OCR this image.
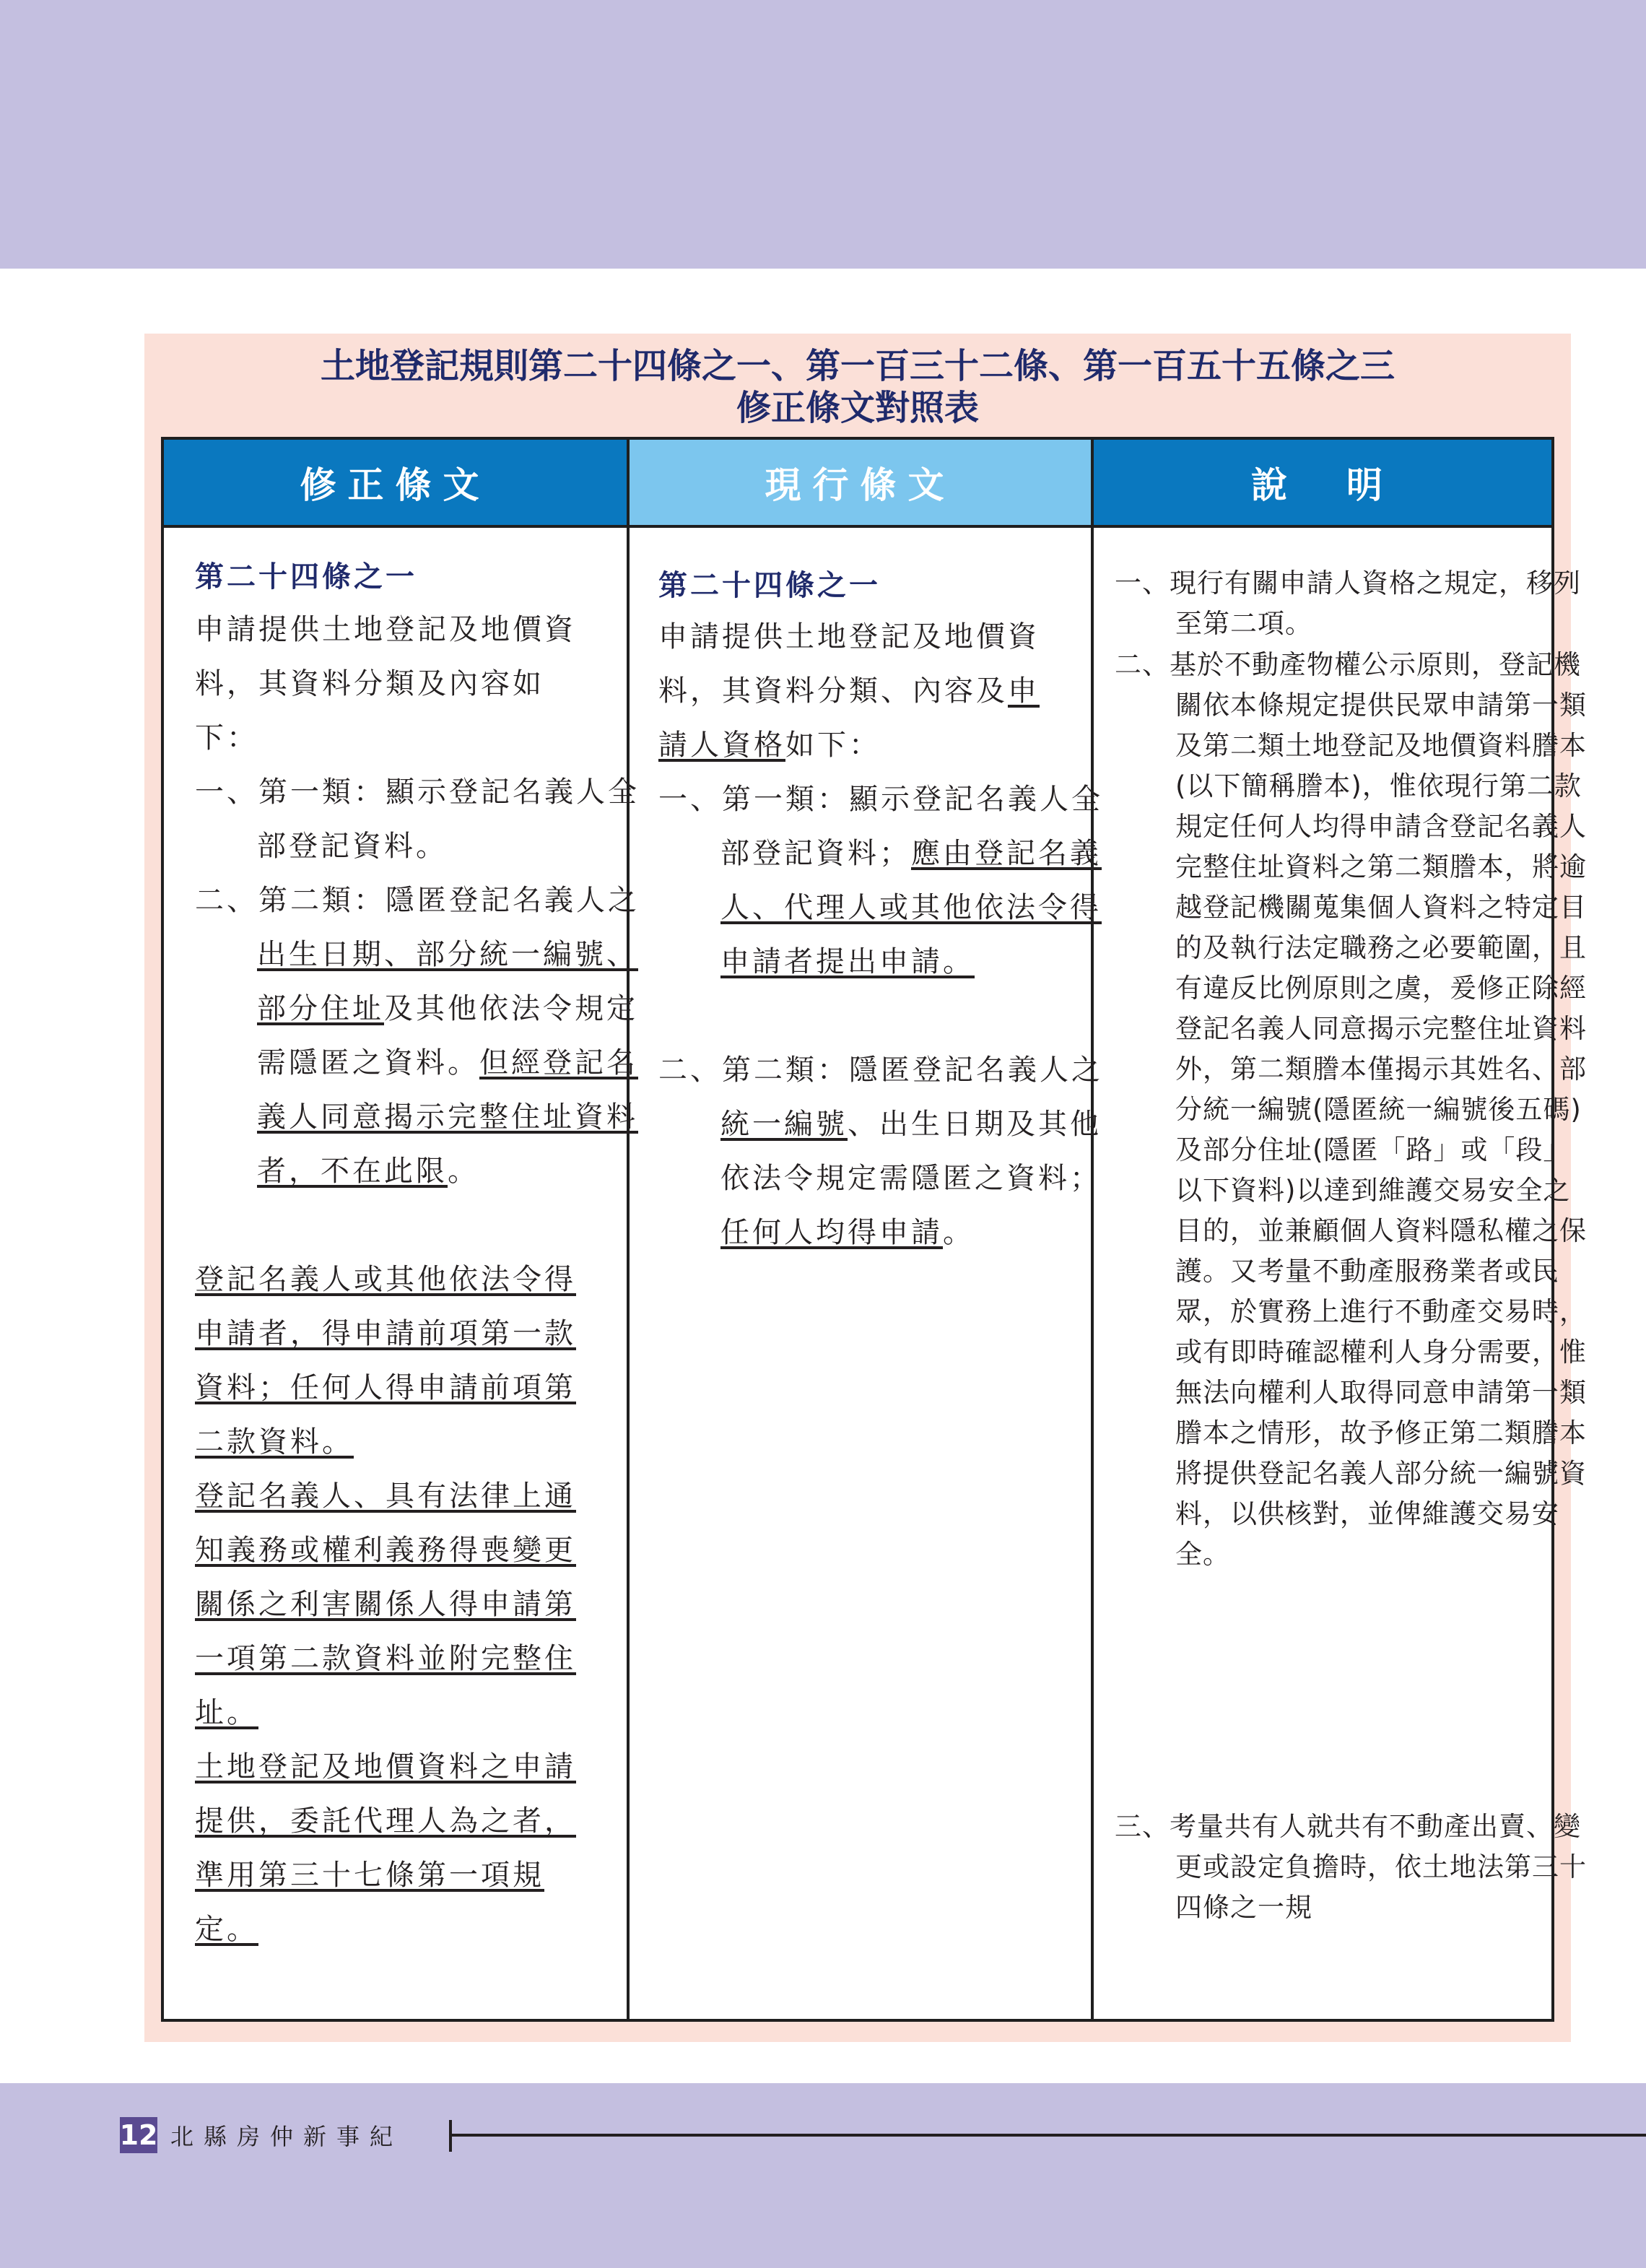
土地登記規則第二十四條之一、第一百三十二條、第一百五十五條之三
修正條文對照表
修正條文	現行條文	說　明

第二十四條之一

申請提供土地登記及地價資料，其資料分類及內容如下：

一、第一類：顯示登記名義人全部登記資料。

二、第二類：隱匿登記名義人之出生日期、部分統一編號、部分住址及其他依法令規定需隱匿之資料。但經登記名義人同意揭示完整住址資料者，不在此限。

登記名義人或其他依法令得申請者，得申請前項第一款資料；任何人得申請前項第二款資料。

登記名義人、具有法律上通知義務或權利義務得喪變更關係之利害關係人得申請第一項第二款資料並附完整住址。

土地登記及地價資料之申請提供，委託代理人為之者，準用第三十七條第一項規定。

第二十四條之一

申請提供土地登記及地價資料，其資料分類、內容及申請人資格如下：

一、第一類：顯示登記名義人全部登記資料；應由登記名義人、代理人或其他依法令得申請者提出申請。

二、第二類：隱匿登記名義人之統一編號、出生日期及其他依法令規定需隱匿之資料；任何人均得申請。

一、現行有關申請人資格之規定，移列至第二項。

二、基於不動產物權公示原則，登記機關依本條規定提供民眾申請第一類及第二類土地登記及地價資料謄本(以下簡稱謄本)，惟依現行第二款規定任何人均得申請含登記名義人完整住址資料之第二類謄本，將逾越登記機關蒐集個人資料之特定目的及執行法定職務之必要範圍，且有違反比例原則之虞，爰修正除經登記名義人同意揭示完整住址資料外，第二類謄本僅揭示其姓名、部分統一編號(隱匿統一編號後五碼)及部分住址(隱匿「路」或「段」以下資料)以達到維護交易安全之目的，並兼顧個人資料隱私權之保護。又考量不動產服務業者或民眾，於實務上進行不動產交易時，或有即時確認權利人身分需要，惟無法向權利人取得同意申請第一類謄本之情形，故予修正第二類謄本將提供登記名義人部分統一編號資料，以供核對，並俾維護交易安全。

三、考量共有人就共有不動產出賣、變更或設定負擔時，依土地法第三十四條之一規

12 北縣房仲新事紀
